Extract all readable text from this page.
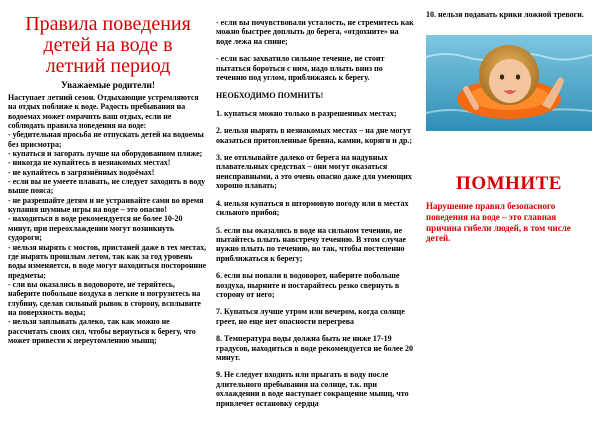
Правила поведения детей на воде в летний период
Уважаемые родители!

Наступает летний сезон. Отдыхающие устремляются на отдых поближе к воде. Радость пребывания на водоемах может омрачить ваш отдых, если не соблюдать правила поведения на воде:

- убедительная просьба не отпускать детей на водоемы без присмотра;

- купаться и загорать лучше на оборудованном пляже;

- никогда не купайтесь в незнакомых местах!

- не купайтесь в загрязнённых водоёмах!

- если вы не умеете плавать, не следует заходить в воду выше пояса;

- не разрешайте детям и не устраивайте сами во время купания шумные игры на воде – это опасно!

- находиться в воде рекомендуется не более 10-20 минут, при переохлаждении могут возникнуть судороги;

- нельзя нырять с мостов, пристаней даже в тех местах, где нырять прошлым летом, так как за год уровень воды изменяется, в воде могут находиться посторонние предметы;

- сли вы оказались в водовороте, не теряйтесь, наберите побольше воздуха в легкие и погрузитесь на глубину, сделав сильный рывок в сторону, всплывите на поверхность воды;

- нельзя заплывать далеко, так как можно не рассчитать своих сил, чтобы вернуться к берегу, что может привести к переутомлению мышц;

- если вы почувствовали усталость, не стремитесь как можно быстрее доплыть до берега, «отдохните» на воде лежа на спине;

- если вас захватило сильное течение, не стоит пытаться бороться с ним, надо плыть вниз по течению под углом, приближаясь к берегу.

НЕОБХОДИМО ПОМНИТЬ!

1. купаться можно только в разрешенных местах;

2. нельзя нырять в незнакомых местах – на дне могут оказаться притопленные бревна, камни, коряги и др.;

3. не отплывайте далеко от берега на надувных плавательных средствах – они могут оказаться неисправными, а это очень опасно даже для умеющих хорошо плавать;

4. нельзя купаться в штормовую погоду или в местах сильного прибоя;

5. если вы оказались в воде на сильном течении, не пытайтесь плыть навстречу течению. В этом случае нужно плыть по течению, но так, чтобы постепенно приближаться к берегу;

6. если вы попали в водоворот, наберите побольше воздуха, нырните и постарайтесь резко свернуть в сторону от него;

7. Купаться лучше утром или вечером, когда солнце греет, но еще нет опасности перегрева

8. Температура воды должна быть не ниже 17-19 градусов, находиться в воде рекомендуется не более 20 минут.

9. Не следует входить или прыгать в воду после длительного пребывания на солнце, т.к. при охлаждении в воде наступает сокращение мышц, что привлечет остановку сердца

10. нельзя подавать крики ложной тревоги.
ПОМНИТЕ
Нарушение правил безопасного поведения на воде – это главная причина гибели людей, в том числе детей.
